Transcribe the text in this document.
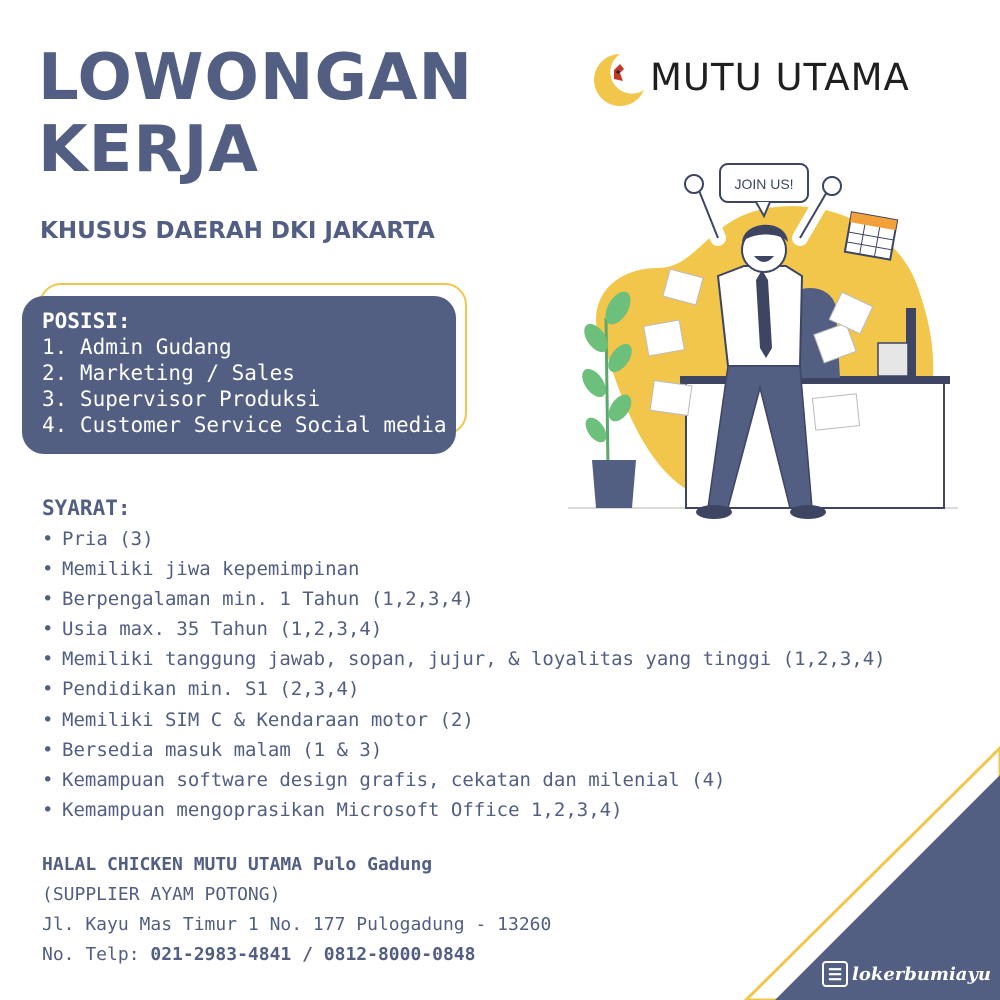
LOWONGAN
KERJA
KHUSUS DAERAH DKI JAKARTA
MUTU UTAMA
JOIN US!
POSISI:
1. Admin Gudang
2. Marketing / Sales
3. Supervisor Produksi
4. Customer Service Social media
SYARAT:
• Pria (3)
• Memiliki jiwa kepemimpinan
• Berpengalaman min. 1 Tahun (1,2,3,4)
• Usia max. 35 Tahun (1,2,3,4)
• Memiliki tanggung jawab, sopan, jujur, & loyalitas yang tinggi (1,2,3,4)
• Pendidikan min. S1 (2,3,4)
• Memiliki SIM C & Kendaraan motor (2)
• Bersedia masuk malam (1 & 3)
• Kemampuan software design grafis, cekatan dan milenial (4)
• Kemampuan mengoprasikan Microsoft Office 1,2,3,4)
HALAL CHICKEN MUTU UTAMA Pulo Gadung
(SUPPLIER AYAM POTONG)
Jl. Kayu Mas Timur 1 No. 177 Pulogadung - 13260
No. Telp: 021-2983-4841 / 0812-8000-0848
☰ lokerbumiayu
